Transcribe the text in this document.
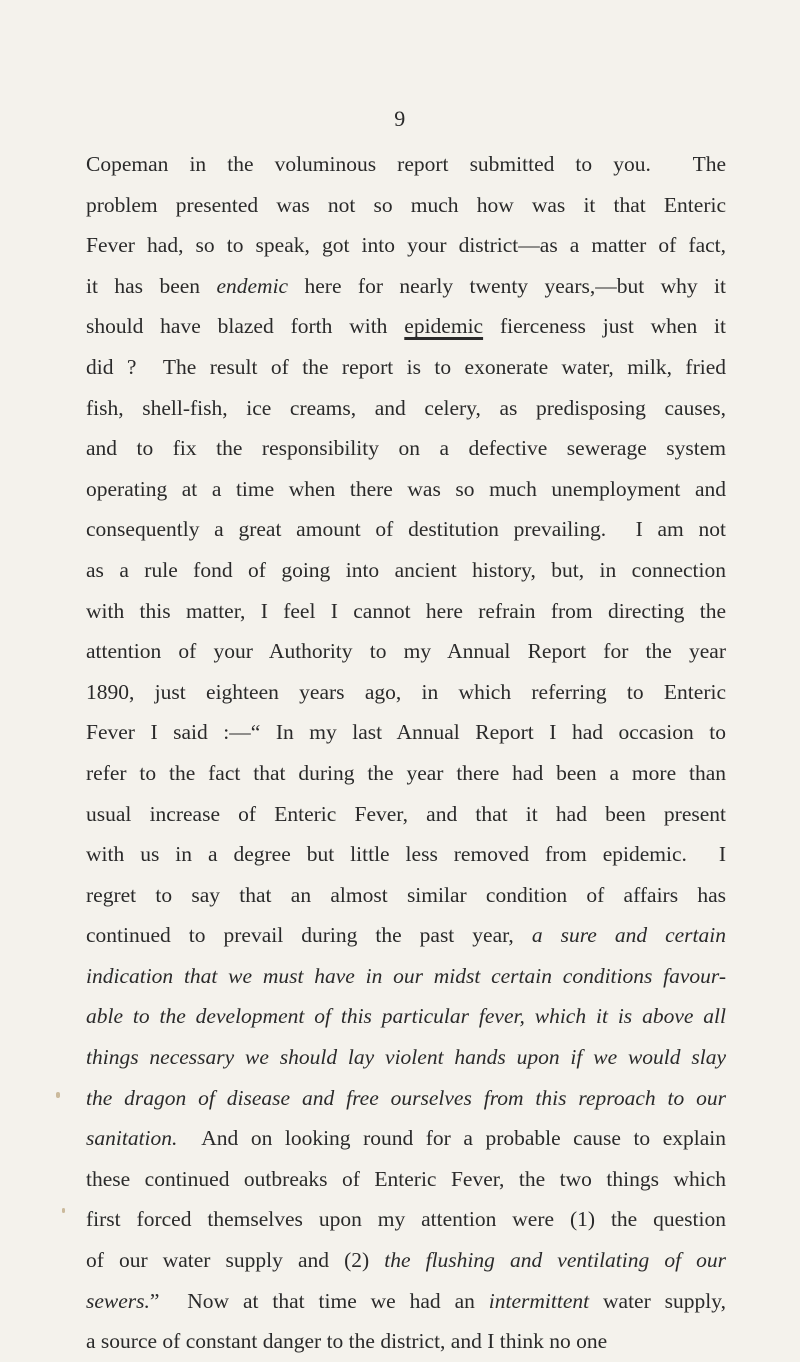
9
Copeman in the voluminous report submitted to you.  The
problem presented was not so much how was it that Enteric
Fever had, so to speak, got into your district—as a matter of fact,
it has been endemic here for nearly twenty years,—but why it
should have blazed forth with epidemic fierceness just when it
did ?  The result of the report is to exonerate water, milk, fried
fish, shell-fish, ice creams, and celery, as predisposing causes,
and to fix the responsibility on a defective sewerage system
operating at a time when there was so much unemployment and
consequently a great amount of destitution prevailing.  I am not
as a rule fond of going into ancient history, but, in connection
with this matter, I feel I cannot here refrain from directing the
attention of your Authority to my Annual Report for the year
1890, just eighteen years ago, in which referring to Enteric
Fever I said :—“ In my last Annual Report I had occasion to
refer to the fact that during the year there had been a more than
usual increase of Enteric Fever, and that it had been present
with us in a degree but little less removed from epidemic.  I
regret to say that an almost similar condition of affairs has
continued to prevail during the past year, a sure and certain
indication that we must have in our midst certain conditions favour-
able to the development of this particular fever, which it is above all
things necessary we should lay violent hands upon if we would slay
the dragon of disease and free ourselves from this reproach to our
sanitation.  And on looking round for a probable cause to explain
these continued outbreaks of Enteric Fever, the two things which
first forced themselves upon my attention were (1) the question
of our water supply and (2) the flushing and ventilating of our
sewers.”  Now at that time we had an intermittent water supply,
a source of constant danger to the district, and I think no one
